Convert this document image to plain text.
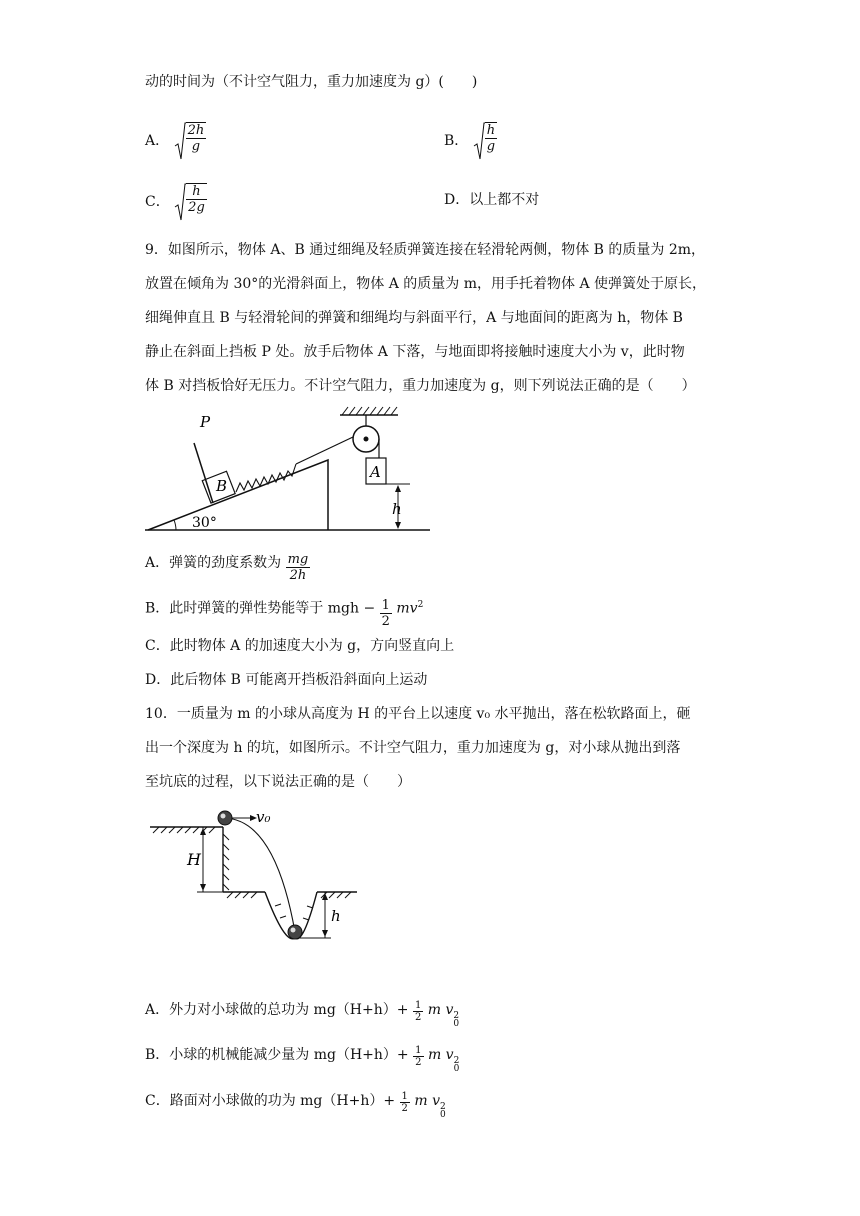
动的时间为（不计空气阻力，重力加速度为 g）(　　)
A． $\frac{2h}{g}$	B． $\frac{h}{g}$
C． $\frac{h}{2g}$	D．以上都不对
9．如图所示，物体 A、B 通过细绳及轻质弹簧连接在轻滑轮两侧，物体 B 的质量为 2m，
放置在倾角为 30°的光滑斜面上，物体 A 的质量为 m，用手托着物体 A 使弹簧处于原长，
细绳伸直且 B 与轻滑轮间的弹簧和细绳均与斜面平行，A 与地面间的距离为 h，物体 B
静止在斜面上挡板 P 处。放手后物体 A 下落，与地面即将接触时速度大小为 v，此时物
体 B 对挡板恰好无压力。不计空气阻力，重力加速度为 g，则下列说法正确的是（　　）
P
B
A
h
30°
A．弹簧的劲度系数为 $\frac{mg}{2h}$
B．此时弹簧的弹性势能等于 mgh − $\frac{1}{2} mv^2$
C．此时物体 A 的加速度大小为 g，方向竖直向上
D．此后物体 B 可能离开挡板沿斜面向上运动
10．一质量为 m 的小球从高度为 H 的平台上以速度 v₀ 水平抛出，落在松软路面上，砸
出一个深度为 h 的坑，如图所示。不计空气阻力，重力加速度为 g，对小球从抛出到落
至坑底的过程，以下说法正确的是（　　）
v₀
H
h
A．外力对小球做的总功为 $mg(H+h)+ \frac{1}{2}$ m v 2
0
B．小球的机械能减少量为 $mg(H+h)+ \frac{1}{2}$ m v 2
0
C．路面对小球做的功为 $mg(H+h)+ \frac{1}{2}$ m v 2
0
